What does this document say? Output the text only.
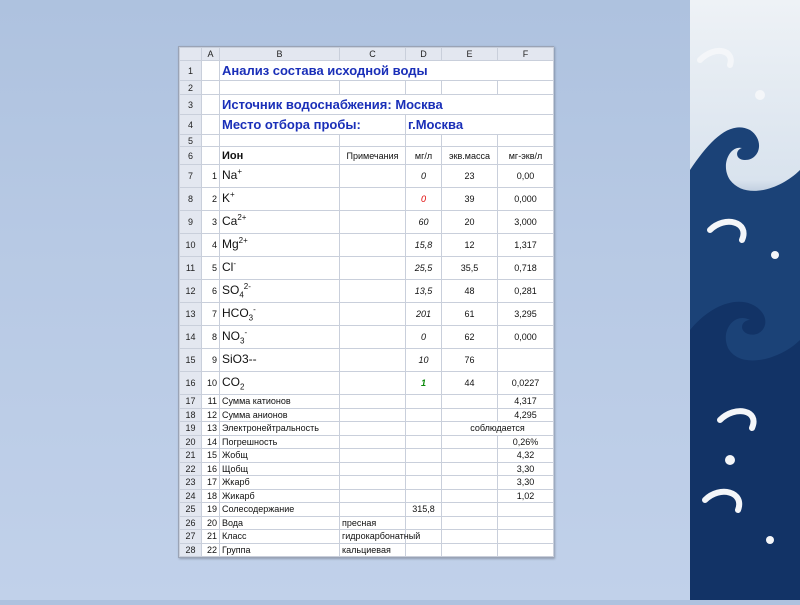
	A	B	C	D	E	F
1		Анализ состава исходной воды				
2						
3		Источник водоснабжения: Москва				
4		Место отбора пробы:		г.Москва		
5						
6		Ион	Примечания	мг/л	экв.масса	мг-экв/л
7	1	Na+		0	23	0,00
8	2	K+		0	39	0,000
9	3	$Ca^{2+}$		60	20	3,000
10	4	$Mg^{2+}$		15,8	12	1,317
11	5	Cl-		25,5	35,5	0,718
12	6	$SO_4^{2-}$		13,5	48	0,281
13	7	$HCO_3^-$		201	61	3,295
14	8	$NO_3^-$		0	62	0,000
15	9	SiO3--		10	76	
16	10	$CO_2$		1	44	0,0227
17	11	Сумма катионов				4,317
18	12	Сумма анионов				4,295
19	13	Электронейтральность			соблюдается	
20	14	Погрешность				0,26%
21	15	Жобщ				4,32
22	16	Щобщ				3,30
23	17	Жкарб				3,30
24	18	Жикарб				1,02
25	19	Солесодержание		315,8		
26	20	Вода	пресная			
27	21	Класс	гидрокарбонатный			
28	22	Группа	кальциевая			
